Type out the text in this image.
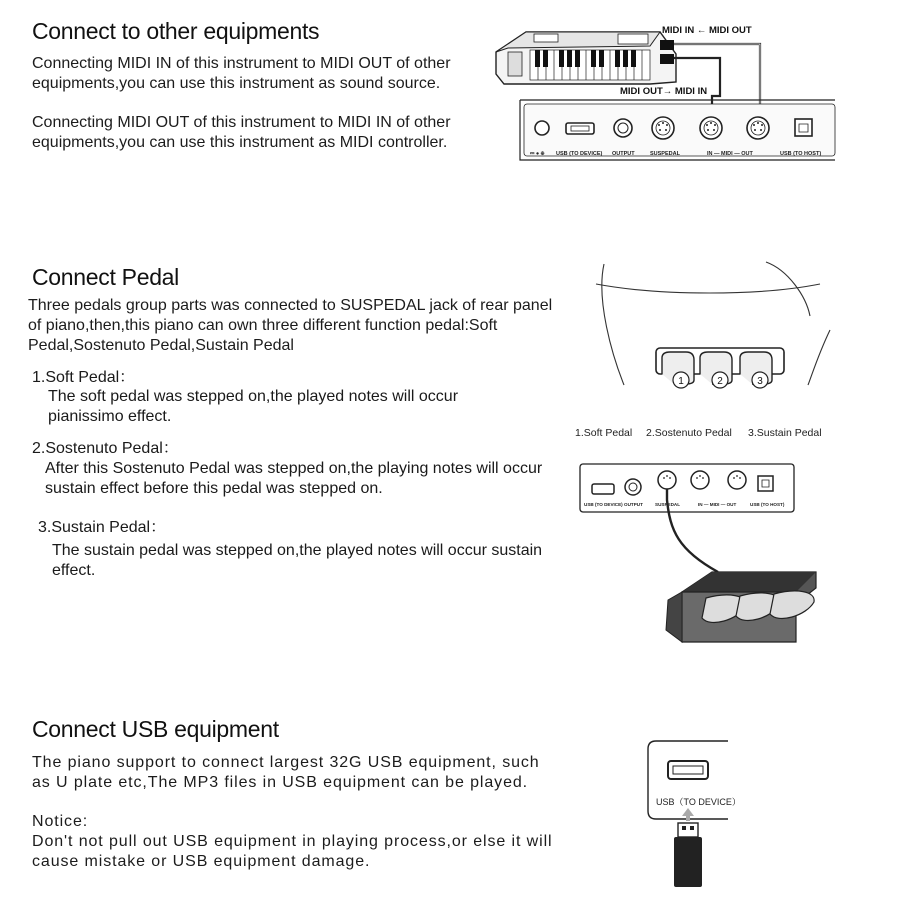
Connect to other equipments
Connecting MIDI IN of this instrument to MIDI OUT of other equipments,you can use this instrument as sound source.
Connecting MIDI OUT of this instrument to MIDI IN of other equipments,you can use this instrument as MIDI controller.
MIDI IN ← MIDI OUT
MIDI OUT→ MIDI IN
⎓ ● ⊕ USB (TO DEVICE) OUTPUT	SUSPEDAL	IN — MIDI — OUT	USB (TO HOST)
Connect Pedal
Three pedals group parts was connected to SUSPEDAL jack of rear panel of piano,then,this piano can own three different function pedal:Soft Pedal,Sostenuto Pedal,Sustain Pedal
1.Soft Pedal：
The soft pedal was stepped on,the played notes will occur pianissimo effect.
2.Sostenuto Pedal：
After this Sostenuto Pedal was stepped on,the playing notes will occur sustain effect before this pedal was stepped on.
3.Sustain Pedal：
The sustain pedal was stepped on,the played notes will occur sustain effect.
1	2	3
1.Soft Pedal 2.Sostenuto Pedal 3.Sustain Pedal
USB (TO DEVICE) OUTPUT	SUSPEDAL	IN — MIDI — OUT	USB (TO HOST)
Connect USB equipment
The piano support to connect largest 32G USB equipment, such as U plate etc,The MP3 files in USB equipment can be played.
Notice:
Don't not pull out USB equipment in playing process,or else it will cause mistake or USB equipment damage.
USB（TO DEVICE）
